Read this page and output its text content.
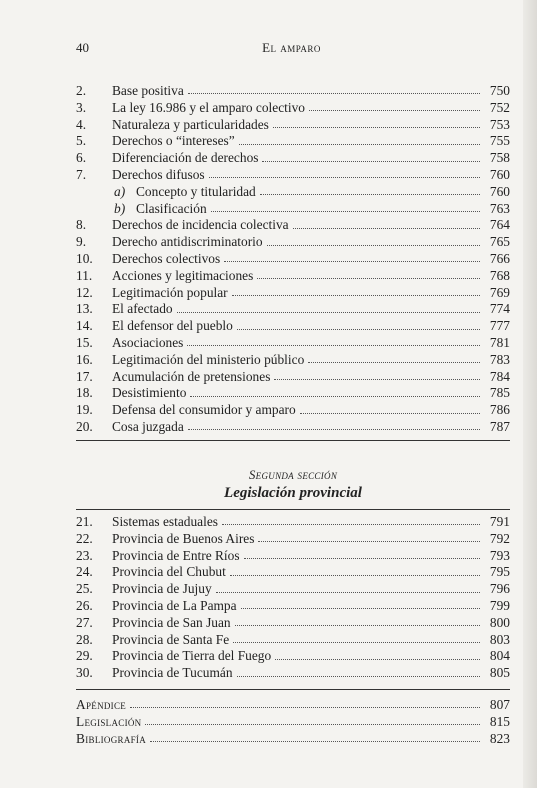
40	El amparo
2.	Base positiva	750
3.	La ley 16.986 y el amparo colectivo	752
4.	Naturaleza y particularidades	753
5.	Derechos o “intereses”	755
6.	Diferenciación de derechos	758
7.	Derechos difusos	760
a) Concepto y titularidad	760
b) Clasificación	763
8.	Derechos de incidencia colectiva	764
9.	Derecho antidiscriminatorio	765
10.	Derechos colectivos	766
11.	Acciones y legitimaciones	768
12.	Legitimación popular	769
13.	El afectado	774
14.	El defensor del pueblo	777
15.	Asociaciones	781
16.	Legitimación del ministerio público	783
17.	Acumulación de pretensiones	784
18.	Desistimiento	785
19.	Defensa del consumidor y amparo	786
20.	Cosa juzgada	787
Segunda sección
Legislación provincial
21.	Sistemas estaduales	791
22.	Provincia de Buenos Aires	792
23.	Provincia de Entre Ríos	793
24.	Provincia del Chubut	795
25.	Provincia de Jujuy	796
26.	Provincia de La Pampa	799
27.	Provincia de San Juan	800
28.	Provincia de Santa Fe	803
29.	Provincia de Tierra del Fuego	804
30.	Provincia de Tucumán	805
Apéndice	807
Legislación	815
Bibliografía	823
